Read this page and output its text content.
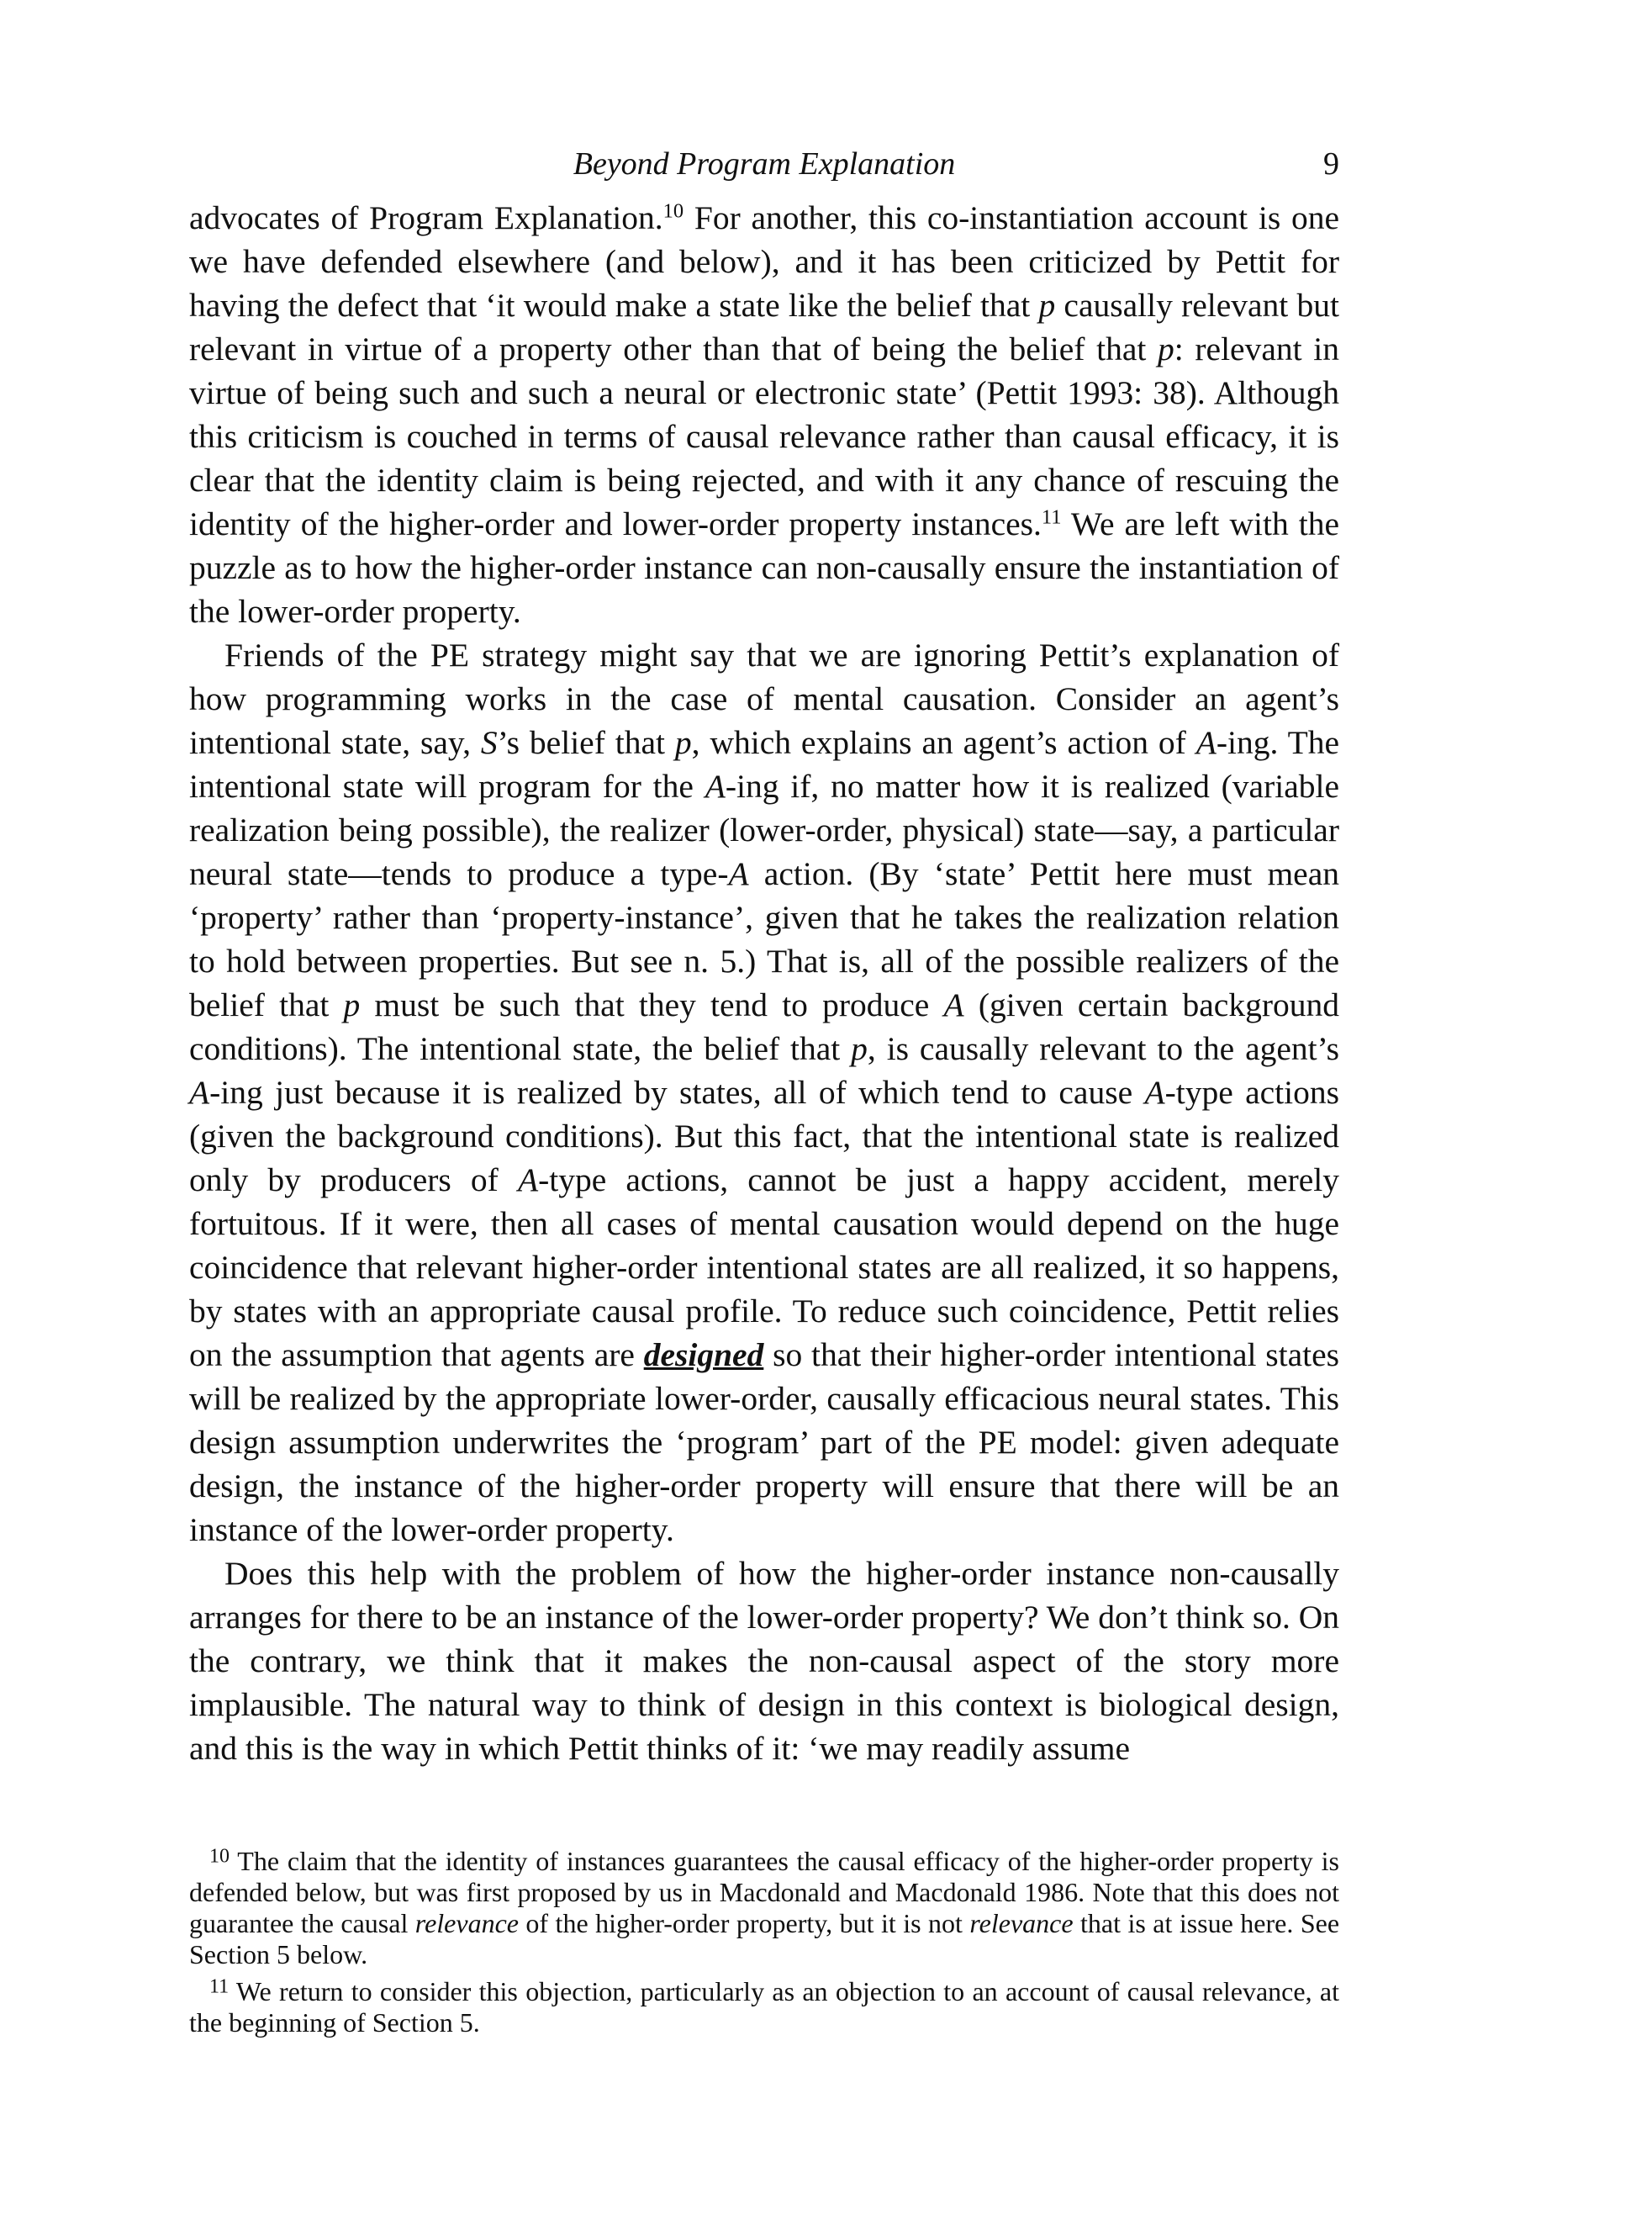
Beyond Program Explanation	9

advocates of Program Explanation.$^{10}$ For another, this co-instantiation account is one we have defended elsewhere (and below), and it has been criticized by Pettit for having the defect that ‘it would make a state like the belief that p causally relevant but relevant in virtue of a property other than that of being the belief that p: relevant in virtue of being such and such a neural or electronic state’ (Pettit 1993: 38). Although this criticism is couched in terms of causal relevance rather than causal efficacy, it is clear that the identity claim is being rejected, and with it any chance of rescuing the identity of the higher-order and lower-order property instances.$^{11}$ We are left with the puzzle as to how the higher-order instance can non-causally ensure the instantiation of the lower-order property.

Friends of the PE strategy might say that we are ignoring Pettit’s explanation of how programming works in the case of mental causation. Consider an agent’s intentional state, say, S’s belief that p, which explains an agent’s action of A-ing. The intentional state will program for the A-ing if, no matter how it is realized (variable realization being possible), the realizer (lower-order, physical) state—say, a particular neural state—tends to produce a type-A action. (By ‘state’ Pettit here must mean ‘property’ rather than ‘property-instance’, given that he takes the realization relation to hold between properties. But see n. 5.) That is, all of the possible realizers of the belief that p must be such that they tend to produce A (given certain background conditions). The intentional state, the belief that p, is causally relevant to the agent’s A-ing just because it is realized by states, all of which tend to cause A-type actions (given the background conditions). But this fact, that the intentional state is realized only by producers of A-type actions, cannot be just a happy accident, merely fortuitous. If it were, then all cases of mental causation would depend on the huge coincidence that relevant higher-order intentional states are all realized, it so happens, by states with an appropriate causal profile. To reduce such coincidence, Pettit relies on the assumption that agents are designed so that their higher-order intentional states will be realized by the appropriate lower-order, causally efficacious neural states. This design assumption underwrites the ‘program’ part of the PE model: given adequate design, the instance of the higher-order property will ensure that there will be an instance of the lower-order property.

Does this help with the problem of how the higher-order instance non-causally arranges for there to be an instance of the lower-order property? We don’t think so. On the contrary, we think that it makes the non-causal aspect of the story more implausible. The natural way to think of design in this context is biological design, and this is the way in which Pettit thinks of it: ‘we may readily assume

$^{10}$ The claim that the identity of instances guarantees the causal efficacy of the higher-order property is defended below, but was first proposed by us in Macdonald and Macdonald 1986. Note that this does not guarantee the causal relevance of the higher-order property, but it is not relevance that is at issue here. See Section 5 below.

$^{11}$ We return to consider this objection, particularly as an objection to an account of causal relevance, at the beginning of Section 5.
